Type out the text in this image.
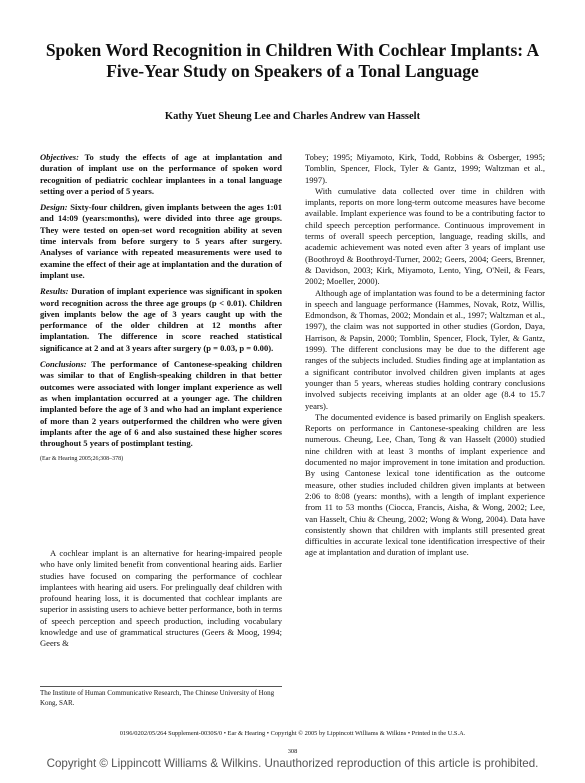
Spoken Word Recognition in Children With Cochlear Implants: A Five-Year Study on Speakers of a Tonal Language
Kathy Yuet Sheung Lee and Charles Andrew van Hasselt

Objectives: To study the effects of age at implantation and duration of implant use on the performance of spoken word recognition of pediatric cochlear implantees in a tonal language setting over a period of 5 years.

Design: Sixty-four children, given implants between the ages 1:01 and 14:09 (years:months), were divided into three age groups. They were tested on open-set word recognition ability at seven time intervals from before surgery to 5 years after surgery. Analyses of variance with repeated measurements were used to examine the effect of their age at implantation and the duration of implant use.

Results: Duration of implant experience was significant in spoken word recognition across the three age groups (p < 0.01). Children given implants below the age of 3 years caught up with the performance of the older children at 12 months after implantation. The difference in score reached statistical significance at 2 and at 3 years after surgery (p = 0.03, p = 0.00).

Conclusions: The performance of Cantonese-speaking children was similar to that of English-speaking children in that better outcomes were associated with longer implant experience as well as when implantation occurred at a younger age. The children implanted before the age of 3 and who had an implant experience of more than 2 years outperformed the children who were given implants after the age of 6 and also sustained these higher scores throughout 5 years of postimplant testing.

(Ear & Hearing 2005;26;308–378)

A cochlear implant is an alternative for hearing-impaired people who have only limited benefit from conventional hearing aids. Earlier studies have focused on comparing the performance of cochlear implantees with hearing aid users. For prelingually deaf children with profound hearing loss, it is documented that cochlear implants are superior in assisting users to achieve better performance, both in terms of speech perception and speech production, including vocabulary knowledge and use of grammatical structures (Geers & Moog, 1994; Geers &

The Institute of Human Communicative Research, The Chinese University of Hong Kong, SAR.

Tobey; 1995; Miyamoto, Kirk, Todd, Robbins & Osberger, 1995; Tomblin, Spencer, Flock, Tyler & Gantz, 1999; Waltzman et al., 1997).

With cumulative data collected over time in children with implants, reports on more long-term outcome measures have become available. Implant experience was found to be a contributing factor to child speech perception performance. Continuous improvement in terms of overall speech perception, language, reading skills, and academic achievement was noted even after 3 years of implant use (Boothroyd & Boothroyd-Turner, 2002; Geers, 2004; Geers, Brenner, & Davidson, 2003; Kirk, Miyamoto, Lento, Ying, O'Neil, & Fears, 2002; Moeller, 2000).

Although age of implantation was found to be a determining factor in speech and language performance (Hammes, Novak, Rotz, Willis, Edmondson, & Thomas, 2002; Mondain et al., 1997; Waltzman et al., 1997), the claim was not supported in other studies (Gordon, Daya, Harrison, & Papsin, 2000; Tomblin, Spencer, Flock, Tyler, & Gantz, 1999). The different conclusions may be due to the different age ranges of the subjects included. Studies finding age at implantation as a significant contributor involved children given implants at ages younger than 5 years, whereas studies holding contrary conclusions involved subjects receiving implants at an older age (8.4 to 15.7 years).

The documented evidence is based primarily on English speakers. Reports on performance in Cantonese-speaking children are less numerous. Cheung, Lee, Chan, Tong & van Hasselt (2000) studied nine children with at least 3 months of implant experience and documented no major improvement in tone imitation and production. By using Cantonese lexical tone identification as the outcome measure, other studies included children given implants at between 2:06 to 8:08 (years: months), with a length of implant experience from 11 to 53 months (Ciocca, Francis, Aisha, & Wong, 2002; Lee, van Hasselt, Chiu & Cheung, 2002; Wong & Wong, 2004). Data have consistently shown that children with implants still presented great difficulties in accurate lexical tone identification irrespective of their age at implantation and duration of implant use.

0196/0202/05/264 Supplement-0030S/0 • Ear & Hearing • Copyright © 2005 by Lippincott Williams & Wilkins • Printed in the U.S.A.
308
Copyright © Lippincott Williams & Wilkins. Unauthorized reproduction of this article is prohibited.
